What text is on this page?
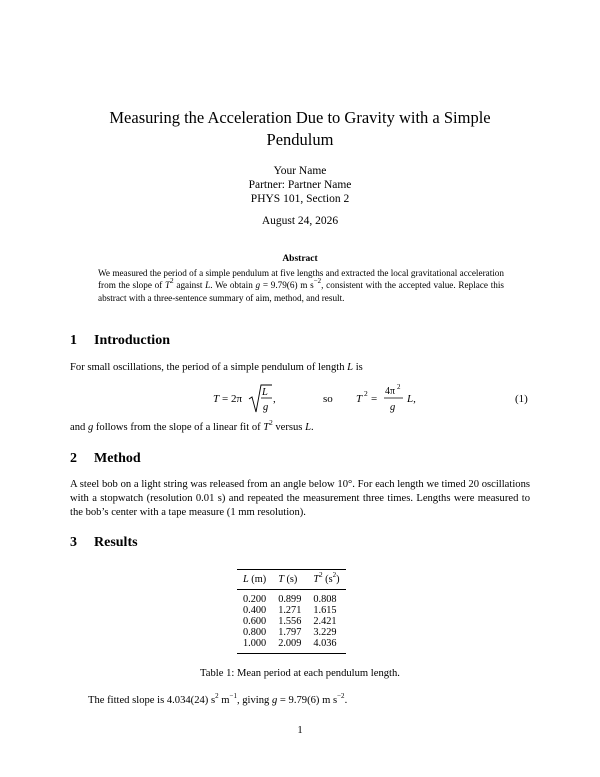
Measuring the Acceleration Due to Gravity with a Simple Pendulum
Your Name
Partner: Partner Name
PHYS 101, Section 2
August 24, 2026
Abstract
We measured the period of a simple pendulum at five lengths and extracted the local gravitational acceleration from the slope of $T^2$ against L. We obtain g = 9.79(6) m $s^{-2}$, consistent with the accepted value. Replace this abstract with a three-sentence summary of aim, method, and result.
1 Introduction
For small oscillations, the period of a simple pendulum of length L is
T = 2π
L
g
,	so T 2 =
4π 2
g
L,	(1)
and g follows from the slope of a linear fit of $T^2$ versus L.
2 Method
A steel bob on a light string was released from an angle below 10°. For each length we timed 20 oscillations with a stopwatch (resolution 0.01 s) and repeated the measurement three times. Lengths were measured to the bob’s center with a tape measure (1 mm resolution).
3 Results
L (m)	T (s)	$T^2$ $(s^2)$
0.200	0.899	0.808
0.400	1.271	1.615
0.600	1.556	2.421
0.800	1.797	3.229
1.000	2.009	4.036

Table 1: Mean period at each pendulum length.
The fitted slope is 4.034(24) $s^2$ $m^{-1}$, giving g = 9.79(6) m $s^{-2}$.
1
